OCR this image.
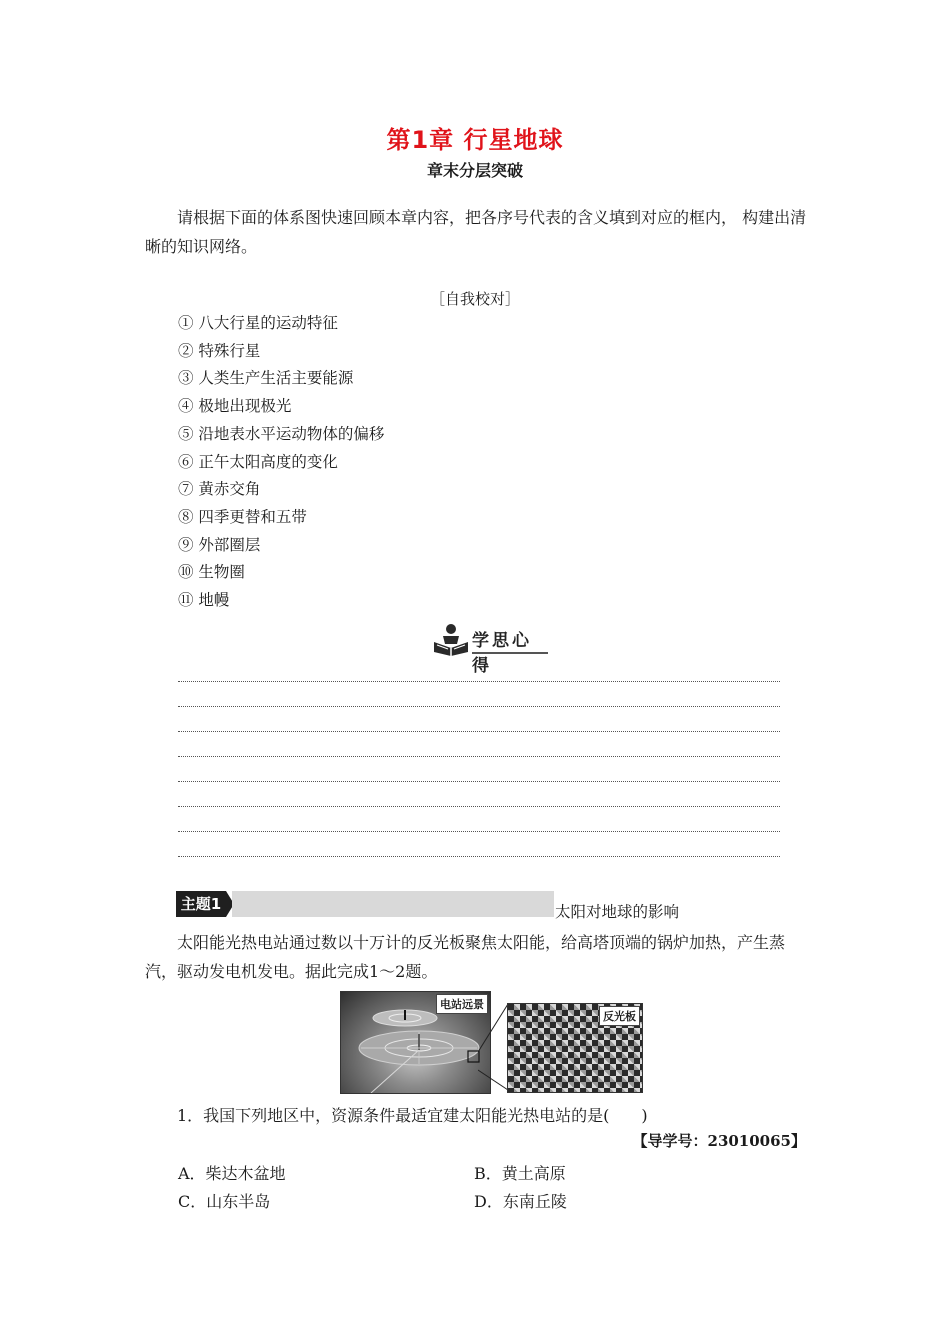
第1章 行星地球
章末分层突破
请根据下面的体系图快速回顾本章内容，把各序号代表的含义填到对应的框内， 构建出清晰的知识网络。
［自我校对］
① 八大行星的运动特征
② 特殊行星
③ 人类生产生活主要能源
④ 极地出现极光
⑤ 沿地表水平运动物体的偏移
⑥ 正午太阳高度的变化
⑦ 黄赤交角
⑧ 四季更替和五带
⑨ 外部圈层
⑩ 生物圈
⑪ 地幔
学思心得
主题1	太阳对地球的影响
太阳能光热电站通过数以十万计的反光板聚焦太阳能，给高塔顶端的锅炉加热，产生蒸汽，驱动发电机发电。据此完成1～2题。
电站远景
反光板
1．我国下列地区中，资源条件最适宜建太阳能光热电站的是(　　)
【导学号：23010065】
A．柴达木盆地	B．黄土高原
C．山东半岛	D．东南丘陵
